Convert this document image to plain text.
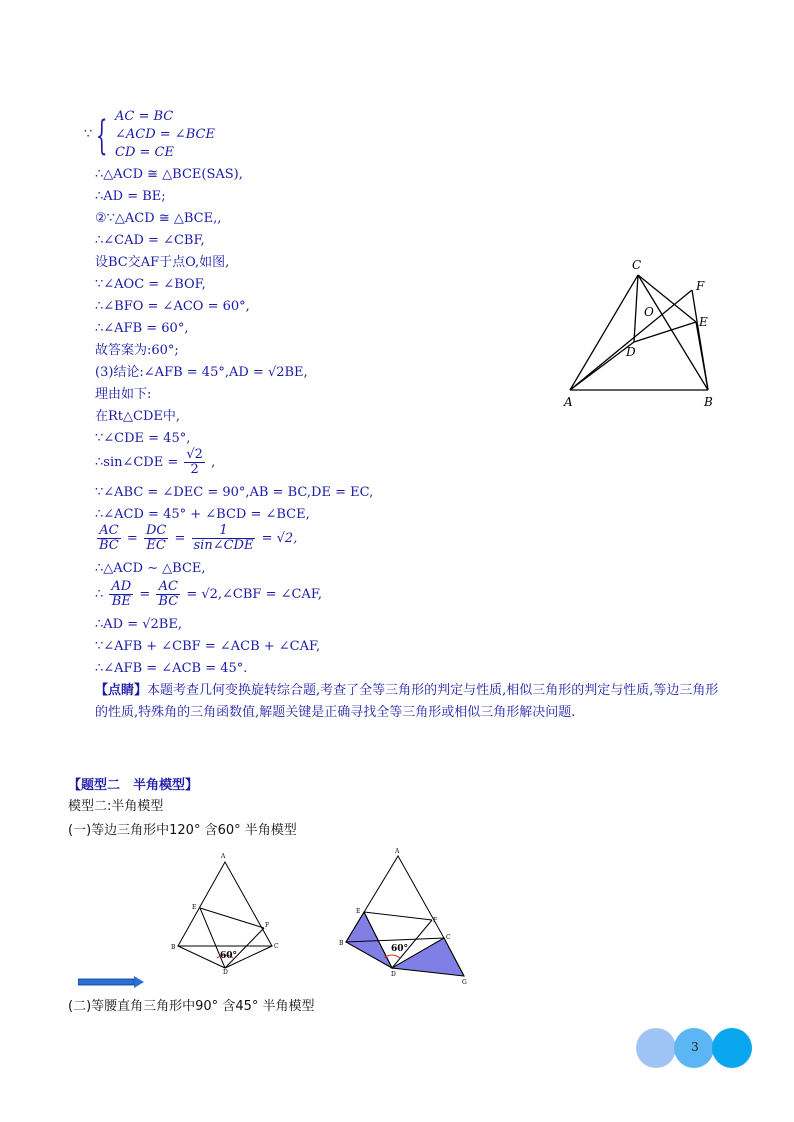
∵ { AC = BC
∠ACD = ∠BCE
CD = CE
∴△ACD ≅ △BCE(SAS),
∴AD = BE;
②∵△ACD ≅ △BCE,,
∴∠CAD = ∠CBF,
设BC交AF于点O,如图,
∵∠AOC = ∠BOF,
∴∠BFO = ∠ACO = 60°,
∴∠AFB = 60°,
故答案为:60°;
(3)结论:∠AFB = 45°,AD = √2BE,
理由如下:
在Rt△CDE中,
∵∠CDE = 45°,
∴sin∠CDE = $\frac{√2}{2}$ ,
∵∠ABC = ∠DEC = 90°,AB = BC,DE = EC,
∴∠ACD = 45° + ∠BCD = ∠BCE,
$\frac{AC}{BC} = \frac{DC}{EC} = \frac{1}{\text{sin∠CDE}} = √2$,
∴△ACD ∼ △BCE,
∴ $\frac{AD}{BE} = \frac{AC}{BC}$ = √2,∠CBF = ∠CAF,
∴AD = √2BE,
∵∠AFB + ∠CBF = ∠ACB + ∠CAF,
∴∠AFB = ∠ACB = 45°.
【点睛】本题考查几何变换旋转综合题,考查了全等三角形的判定与性质,相似三角形的判定与性质,等边三角形的性质,特殊角的三角函数值,解题关键是正确寻找全等三角形或相似三角形解决问题.
C
F
O
E
D
A	B
【题型二　半角模型】
模型二:半角模型
(一)等边三角形中120° 含60° 半角模型
A
E
F
B	C
D
60°
A
E
F
B
C
D
G
60°
(二)等腰直角三角形中90° 含45° 半角模型
3
